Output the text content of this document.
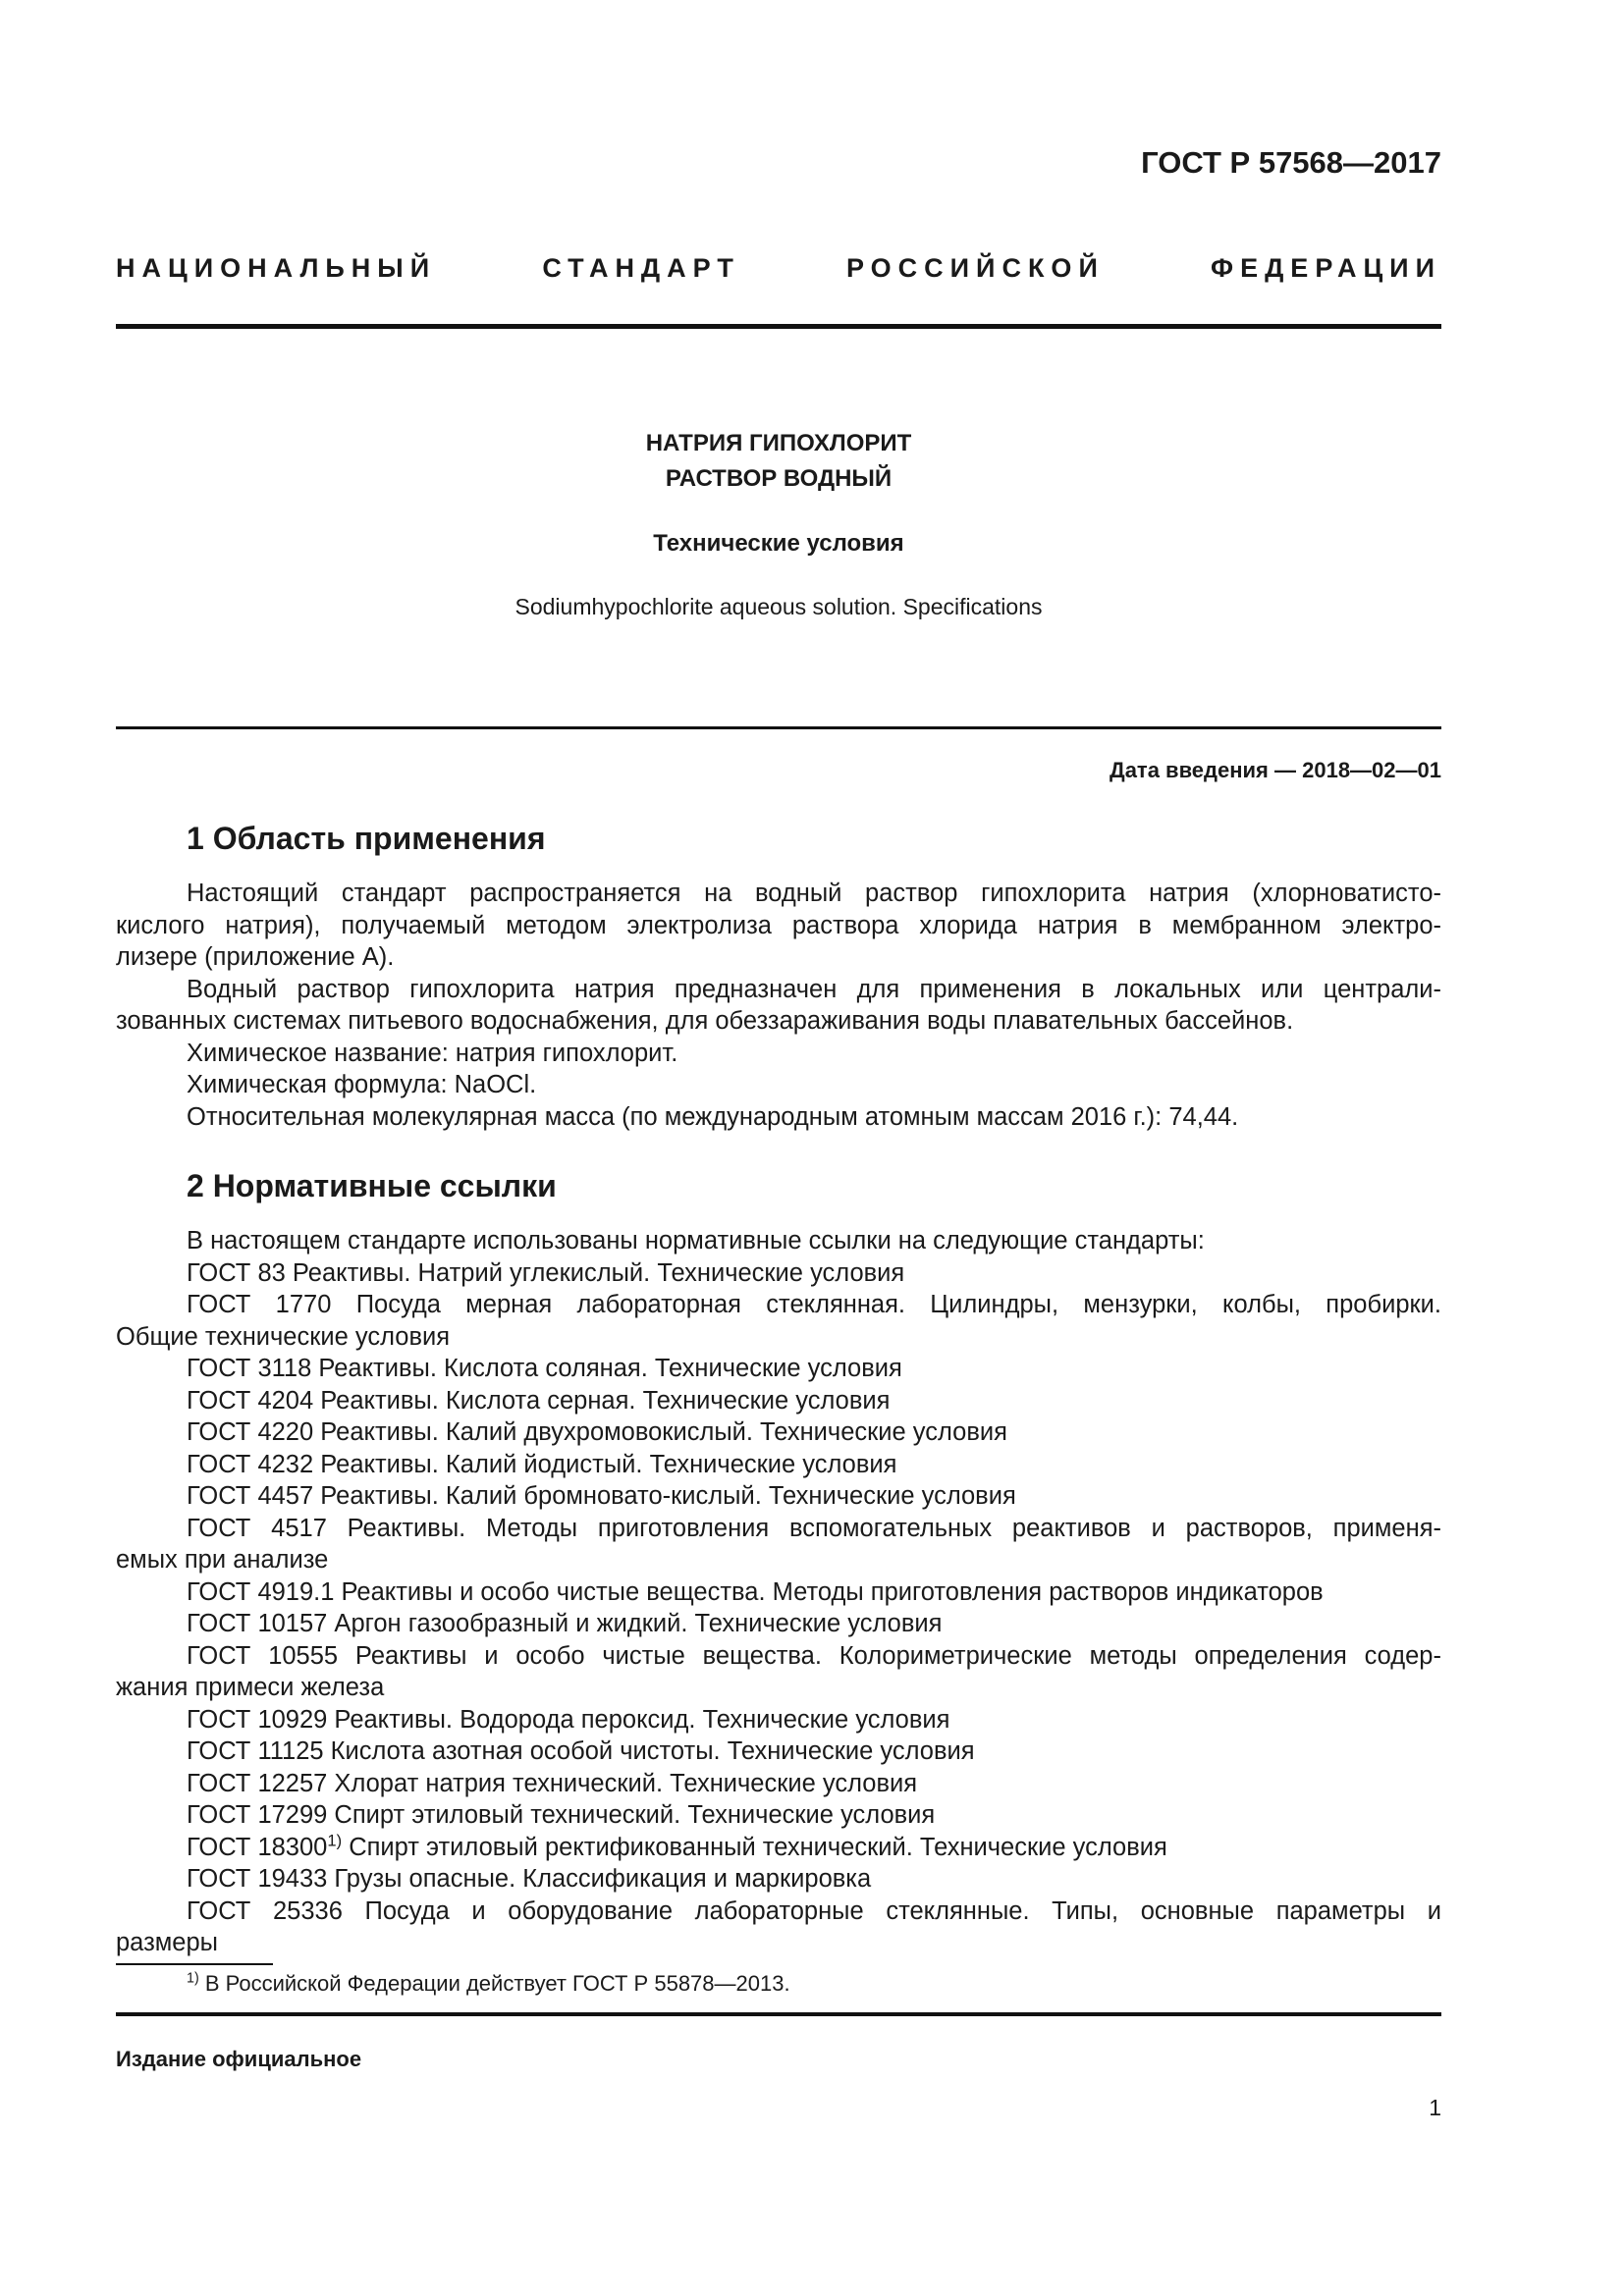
ГОСТ Р 57568—2017
НАЦИОНАЛЬНЫЙ СТАНДАРТ РОССИЙСКОЙ ФЕДЕРАЦИИ
НАТРИЯ ГИПОХЛОРИТ
РАСТВОР ВОДНЫЙ
Технические условия
Sodiumhypochlorite aqueous solution. Specifications
Дата введения — 2018—02—01
1 Область применения
Настоящий стандарт распространяется на водный раствор гипохлорита натрия (хлорноватисто-
кислого натрия), получаемый методом электролиза раствора хлорида натрия в мембранном электро-
лизере (приложение А).
Водный раствор гипохлорита натрия предназначен для применения в локальных или централи-
зованных системах питьевого водоснабжения, для обеззараживания воды плавательных бассейнов.
Химическое название: натрия гипохлорит.
Химическая формула: NaOCl.
Относительная молекулярная масса (по международным атомным массам 2016 г.): 74,44.
2 Нормативные ссылки
В настоящем стандарте использованы нормативные ссылки на следующие стандарты:
ГОСТ 83 Реактивы. Натрий углекислый. Технические условия
ГОСТ 1770 Посуда мерная лабораторная стеклянная. Цилиндры, мензурки, колбы, пробирки.
Общие технические условия
ГОСТ 3118 Реактивы. Кислота соляная. Технические условия
ГОСТ 4204 Реактивы. Кислота серная. Технические условия
ГОСТ 4220 Реактивы. Калий двухромовокислый. Технические условия
ГОСТ 4232 Реактивы. Калий йодистый. Технические условия
ГОСТ 4457 Реактивы. Калий бромновато-кислый. Технические условия
ГОСТ 4517 Реактивы. Методы приготовления вспомогательных реактивов и растворов, применя-
емых при анализе
ГОСТ 4919.1 Реактивы и особо чистые вещества. Методы приготовления растворов индикаторов
ГОСТ 10157 Аргон газообразный и жидкий. Технические условия
ГОСТ 10555 Реактивы и особо чистые вещества. Колориметрические методы определения содер-
жания примеси железа
ГОСТ 10929 Реактивы. Водорода пероксид. Технические условия
ГОСТ 11125 Кислота азотная особой чистоты. Технические условия
ГОСТ 12257 Хлорат натрия технический. Технические условия
ГОСТ 17299 Спирт этиловый технический. Технические условия
ГОСТ 18300$^{1)}$ Спирт этиловый ректификованный технический. Технические условия
ГОСТ 19433 Грузы опасные. Классификация и маркировка
ГОСТ 25336 Посуда и оборудование лабораторные стеклянные. Типы, основные параметры и
размеры
$^{1)}$ В Российской Федерации действует ГОСТ Р 55878—2013.
Издание официальное
1
